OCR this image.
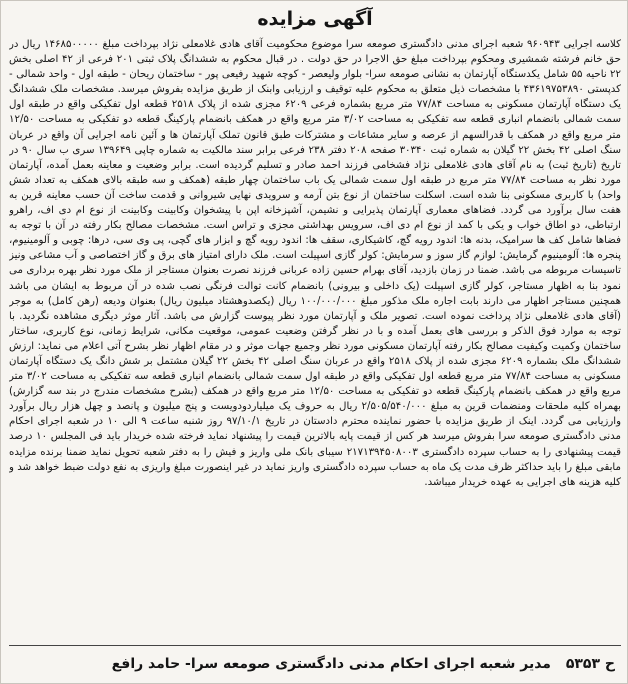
آگهی مزایده
کلاسه اجرایی ۹۶۰۹۴۳ شعبه اجرای مدنی دادگستری صومعه سرا موضوع محکومیت آقای هادی غلامعلی نژاد بپرداخت مبلغ ۱۴۶۸۵۰۰۰۰۰ ریال در حق خانم فرشته شمشیری ومحکوم بپرداخت مبلغ حق الاجرا در حق دولت . در قبال محکوم به ششدانگ پلاک ثبتی ۲۰۱ فرعی از ۴۲ اصلی بخش ۲۲ ناحیه ۵۵ شامل یکدستگاه آپارتمان به نشانی صومعه سرا- بلوار ولیعصر - کوچه شهید رفیعی پور - ساختمان ریحان - طبقه اول - واحد شمالی - کدپستی ۴۳۶۱۹۷۵۳۸۹۰ با مشخصات ذیل متعلق به محکوم علیه توقیف و ارزیابی وابنک از طریق مزایده بفروش میرسد. مشخصات ملک ششدانگ یک دستگاه آپارتمان مسکونی به مساحت ۷۷/۸۴ متر مربع بشماره فرعی ۶۲۰۹ مجزی شده از پلاک ۲۵۱۸ قطعه اول تفکیکی واقع در طبقه اول سمت شمالی بانضمام انباری قطعه سه تفکیکی به مساحت ۳/۰۲ متر مربع واقع در همکف بانضمام پارکینگ قطعه دو تفکیکی به مساحت ۱۲/۵۰ متر مربع واقع در همکف با قدرالسهم از عرصه و سایر مشاعات و مشترکات طبق قانون تملک آپارتمان ها و آئین نامه اجرایی آن واقع در عربان سنگ اصلی ۴۲ بخش ۲۲ گیلان به شماره ثبت ۳۰۳۴۰ صفحه ۲۰۸ دفتر ۲۳۸ فرعی برابر سند مالکیت به شماره چاپی ۱۳۹۶۴۹ سری ب سال ۹۰ در تاریخ (تاریخ ثبت) به نام آقای هادی غلامعلی نژاد فشخامی فرزند احمد صادر و تسلیم گردیده است. برابر وضعیت و معاینه بعمل آمده، آپارتمان مورد نظر به مساحت ۷۷/۸۴ متر مربع در طبقه اول سمت شمالی یک باب ساختمان چهار طبقه (همکف و سه طبقه بالای همکف به تعداد شش واحد) با کاربری مسکونی بنا شده است. اسکلت ساختمان از نوع بتن آرمه و سرویدی نهایی شیروانی و قدمت ساخت آن حسب معاینه قرین به هفت سال برآورد می گردد. فضاهای معماری آپارتمان پذیرایی و نشیمن، آشپزخانه اپن با پیشخوان وکابینت وکابینت از نوع ام دی اف، راهرو ارتباطی، دو اطاق خواب و یکی با کمد از نوع ام دی اف، سرویس بهداشتی مجزی و تراس است. مشخصات مصالح بکار رفته در آن با توجه به فضاها شامل کف ها سرامیک، بدنه ها: اندود رویه گچ، کاشیکاری، سقف ها: اندود رویه گچ و ابزار های گچی، پی وی سی، درها: چوبی و آلومینیوم، پنجره ها: آلومینیوم گرمایش: لوازم گاز سوز و سرمایش: کولر گازی اسپیلت است. ملک دارای امتیاز های برق و گاز اختصاصی و آب مشاعی ونیز تاسیسات مربوطه می باشد. ضمنا در زمان بازدید، آقای بهرام حسین زاده عربانی فرزند نصرت بعنوان مستاجر از ملک مورد نظر بهره برداری می نمود بنا به اظهار مستاجر، کولر گازی اسپیلت (یک داخلی و بیرونی) بانضمام کانت توالت فرنگی نصب شده در آن مربوط به ایشان می باشد همچنین مستاجر اظهار می دارند بابت اجاره ملک مذکور مبلغ ۱۰۰/۰۰۰/۰۰۰ ریال (یکصدوهشتاد میلیون ریال) بعنوان ودیعه (رهن کامل) به موجر (آقای هادی غلامعلی نژاد پرداخت نموده است. تصویر ملک و آپارتمان مورد نظر پیوست گزارش می باشد. آثار موثر دیگری مشاهده نگردید. با توجه به موارد فوق الذکر و بررسی های بعمل آمده و با در نظر گرفتن وضعیت عمومی، موقعیت مکانی، شرایط زمانی، نوع کاربری، ساختار ساختمان وکمیت وکیفیت مصالح بکار رفته آپارتمان مسکونی مورد نظر وجمیع جهات موثر و در مقام اظهار نظر بشرح آتی اعلام می نماید: ارزش ششدانگ ملک بشماره ۶۲۰۹ مجزی شده از پلاک ۲۵۱۸ واقع در عربان سنگ اصلی ۴۲ بخش ۲۲ گیلان مشتمل بر شش دانگ یک دستگاه آپارتمان مسکونی به مساحت ۷۷/۸۴ متر مربع قطعه اول تفکیکی واقع در طبقه اول سمت شمالی بانضمام انباری قطعه سه تفکیکی به مساحت ۳/۰۲ متر مربع واقع در همکف بانضمام پارکینگ قطعه دو تفکیکی به مساحت ۱۲/۵۰ متر مربع واقع در همکف (بشرح مشخصات مندرج در بند سه گزارش) بهمراه کلیه ملحقات ومنضمات قرین به مبلغ ۲/۵۰۵/۵۴۰/۰۰۰ ریال به حروف یک میلیاردودویست و پنج میلیون و پانصد و چهل هزار ریال برآورد وارزیابی می گردد. اینک از طریق مزایده با حضور نماینده محترم دادستان در تاریخ ۹۷/۱۰/۱ روز شنبه ساعت ۹ الی ۱۰ در شعبه اجرای احکام مدنی دادگستری صومعه سرا بفروش میرسد هر کس از قیمت پایه بالاترین قیمت را پیشنهاد نماید فرخته شده خریدار باید فی المجلس ۱۰ درصد قیمت پیشنهادی را به حساب سپرده دادگستری ۲۱۷۱۳۹۴۵۰۸۰۰۳ سیبای بانک ملی واریز و فیش را به دفتر شعبه تحویل نماید ضمنا برنده مزایده مابقی مبلغ را باید حداکثر ظرف مدت یک ماه به حساب سپرده دادگستری واریز نماید در غیر اینصورت مبلغ واریزی به نفع دولت ضبط خواهد شد و کلیه هزینه های اجرایی به عهده خریدار میباشد.
ح ۵۳۵۳ مدیر شعبه اجرای احکام مدنی دادگستری صومعه سرا- حامد رافع
